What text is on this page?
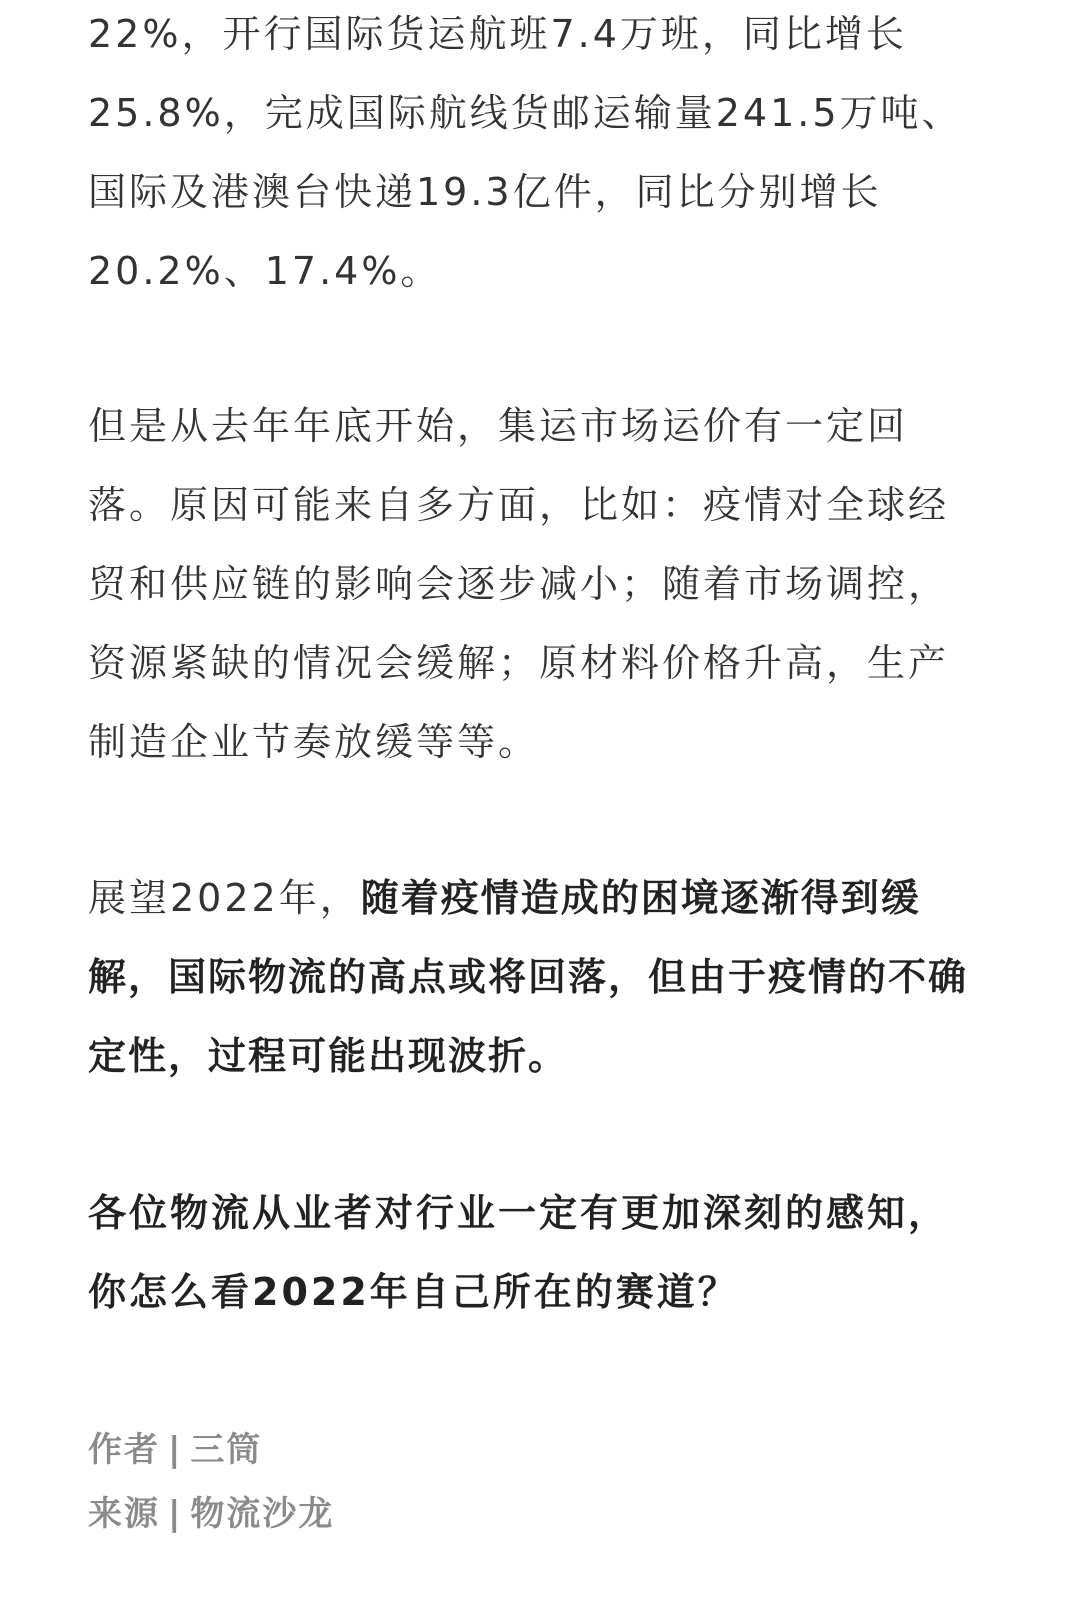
22%，开行国际货运航班7.4万班，同比增长25.8%，完成国际航线货邮运输量241.5万吨、国际及港澳台快递19.3亿件，同比分别增长20.2%、17.4%。

但是从去年年底开始，集运市场运价有一定回落。原因可能来自多方面，比如：疫情对全球经贸和供应链的影响会逐步减小；随着市场调控，资源紧缺的情况会缓解；原材料价格升高，生产制造企业节奏放缓等等。

展望2022年，随着疫情造成的困境逐渐得到缓解，国际物流的高点或将回落，但由于疫情的不确定性，过程可能出现波折。

各位物流从业者对行业一定有更加深刻的感知，你怎么看2022年自己所在的赛道？

作者 | 三筒
来源 | 物流沙龙
